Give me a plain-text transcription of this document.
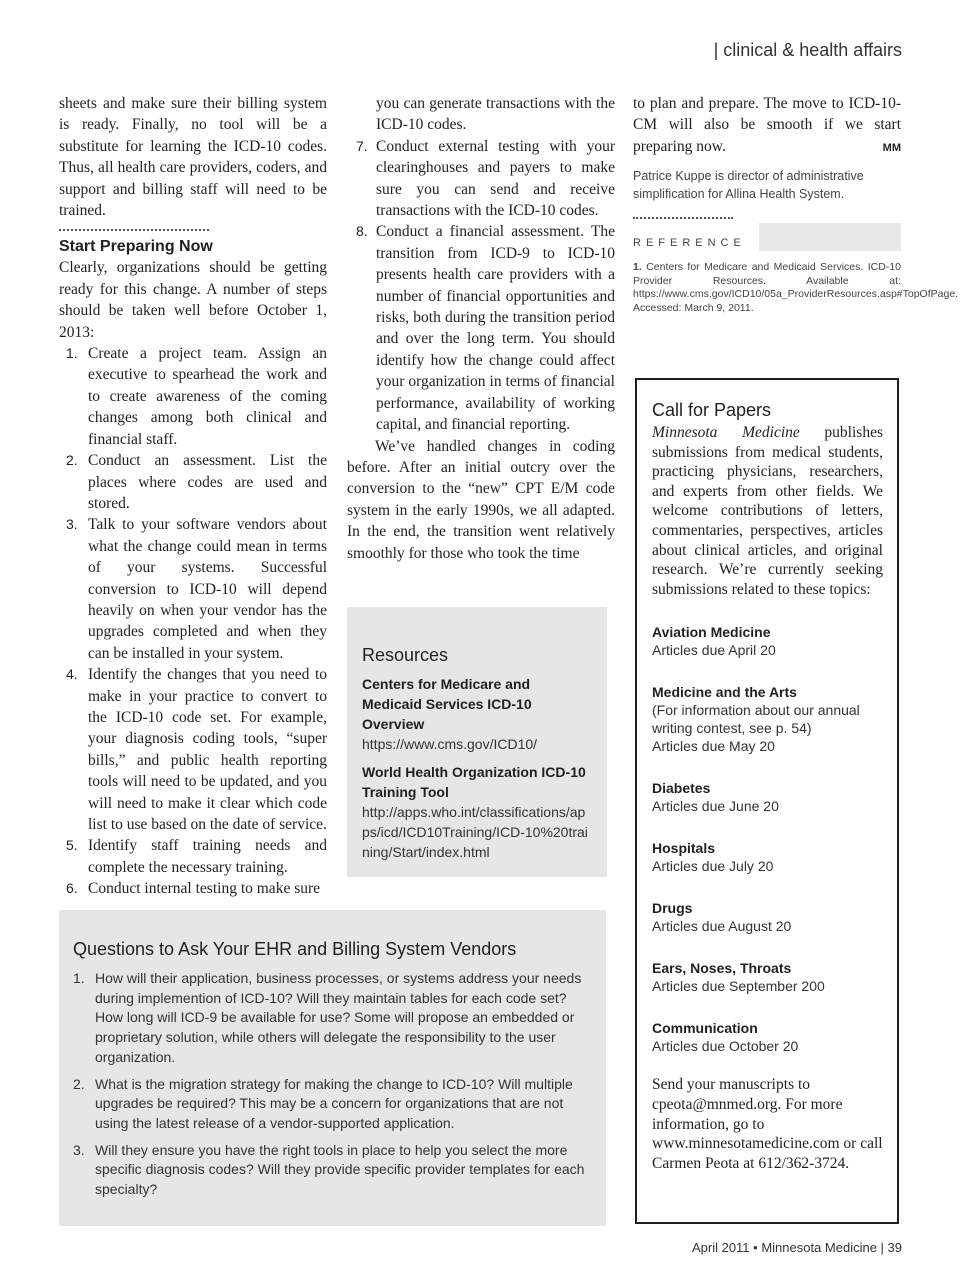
| clinical & health affairs

sheets and make sure their billing system is ready. Finally, no tool will be a substitute for learning the ICD-10 codes. Thus, all health care providers, coders, and support and billing staff will need to be trained.

Start Preparing Now

Clearly, organizations should be getting ready for this change. A number of steps should be taken well before October 1, 2013:

1. Create a project team. Assign an executive to spearhead the work and to create awareness of the coming changes among both clinical and financial staff.
2. Conduct an assessment. List the places where codes are used and stored.
3. Talk to your software vendors about what the change could mean in terms of your systems. Successful conversion to ICD-10 will depend heavily on when your vendor has the upgrades completed and when they can be installed in your system.
4. Identify the changes that you need to make in your practice to convert to the ICD-10 code set. For example, your diagnosis coding tools, “super bills,” and public health reporting tools will need to be updated, and you will need to make it clear which code list to use based on the date of service.
5. Identify staff training needs and complete the necessary training.
6. Conduct internal testing to make sure

you can generate transactions with the ICD-10 codes.

7. Conduct external testing with your clearinghouses and payers to make sure you can send and receive transactions with the ICD-10 codes.
8. Conduct a financial assessment. The transition from ICD-9 to ICD-10 presents health care providers with a number of financial opportunities and risks, both during the transition period and over the long term. You should identify how the change could affect your organization in terms of financial performance, availability of working capital, and financial reporting.

We’ve handled changes in coding before. After an initial outcry over the conversion to the “new” CPT E/M code system in the early 1990s, we all adapted. In the end, the transition went relatively smoothly for those who took the time

to plan and prepare. The move to ICD-10-CM will also be smooth if we start preparing now.	MM

Patrice Kuppe is director of administrative simplification for Allina Health System.

REFERENCE

1. Centers for Medicare and Medicaid Services. ICD-10 Provider Resources. Available at: https://www.cms.gov/ICD10/05a_ProviderResources.asp#TopOfPage. Accessed: March 9, 2011.

Resources

Centers for Medicare and Medicaid Services ICD-10 Overview

https://www.cms.gov/ICD10/

World Health Organization ICD-10 Training Tool

http://apps.who.int/classifications/apps/icd/ICD10Training/ICD-10%20training/Start/index.html

Call for Papers

Minnesota Medicine publishes submissions from medical students, practicing physicians, researchers, and experts from other fields. We welcome contributions of letters, commentaries, perspectives, articles about clinical articles, and original research. We’re currently seeking submissions related to these topics:

Aviation Medicine

Articles due April 20

Medicine and the Arts

(For information about our annual writing contest, see p. 54)

Articles due May 20

Diabetes

Articles due June 20

Hospitals

Articles due July 20

Drugs

Articles due August 20

Ears, Noses, Throats

Articles due September 200

Communication

Articles due October 20

Send your manuscripts to cpeota@mnmed.org. For more information, go to www.minnesotamedicine.com or call Carmen Peota at 612/362-3724.

Questions to Ask Your EHR and Billing System Vendors

1. How will their application, business processes, or systems address your needs during implemention of ICD-10? Will they maintain tables for each code set? How long will ICD-9 be available for use? Some will propose an embedded or proprietary solution, while others will delegate the responsibility to the user organization.
2. What is the migration strategy for making the change to ICD-10? Will multiple upgrades be required? This may be a concern for organizations that are not using the latest release of a vendor-supported application.
3. Will they ensure you have the right tools in place to help you select the more specific diagnosis codes? Will they provide specific provider templates for each specialty?
April 2011 • Minnesota Medicine | 39
